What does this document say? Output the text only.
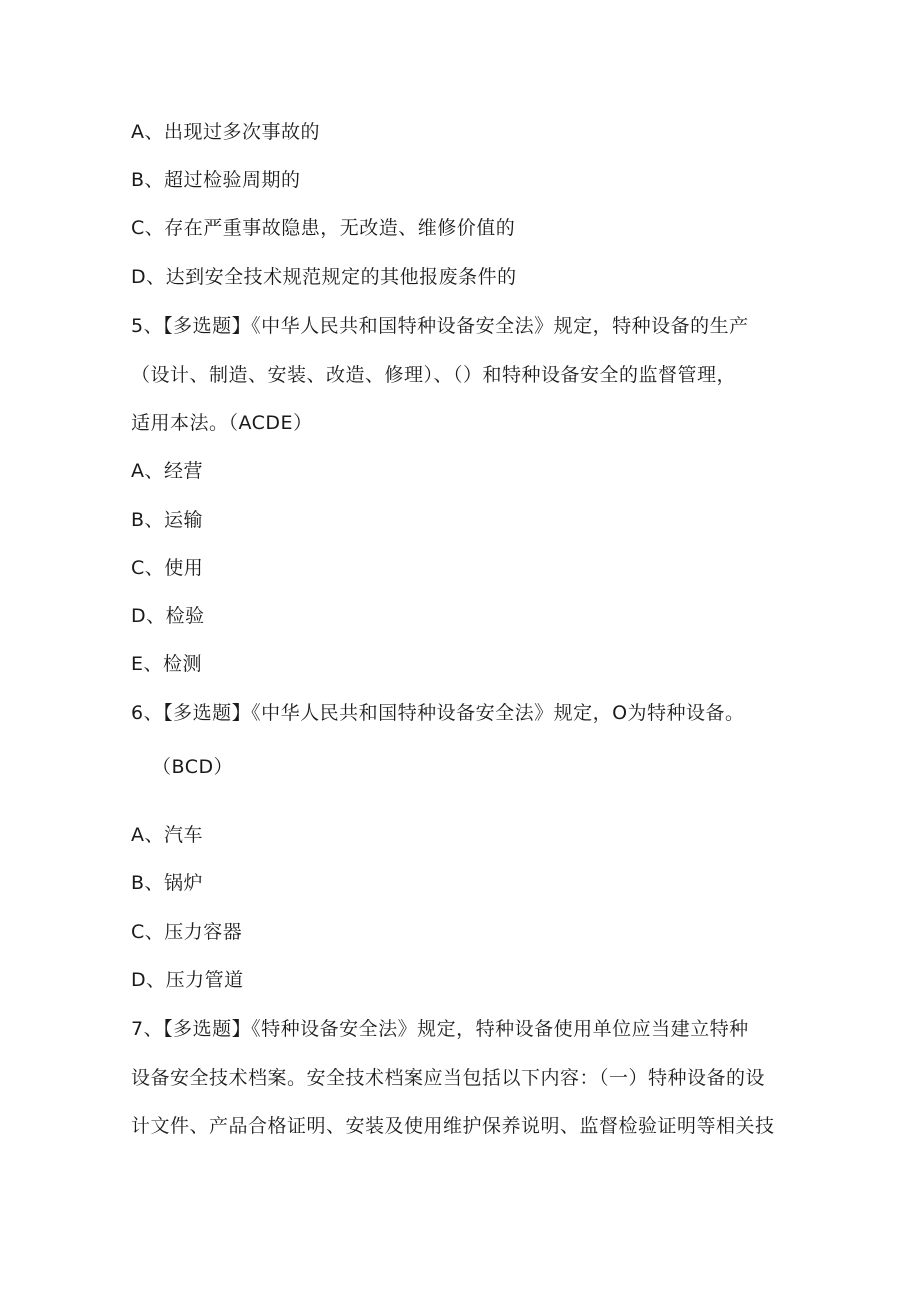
A、出现过多次事故的
B、超过检验周期的
C、存在严重事故隐患，无改造、维修价值的
D、达到安全技术规范规定的其他报废条件的
5、【多选题】《中华人民共和国特种设备安全法》规定，特种设备的生产
（设计、制造、安装、改造、修理）、（）和特种设备安全的监督管理，
适用本法。（ACDE）
A、经营
B、运输
C、使用
D、检验
E、检测
6、【多选题】《中华人民共和国特种设备安全法》规定，O为特种设备。
（BCD）
A、汽车
B、锅炉
C、压力容器
D、压力管道
7、【多选题】《特种设备安全法》规定，特种设备使用单位应当建立特种
设备安全技术档案。安全技术档案应当包括以下内容：（一）特种设备的设
计文件、产品合格证明、安装及使用维护保养说明、监督检验证明等相关技
